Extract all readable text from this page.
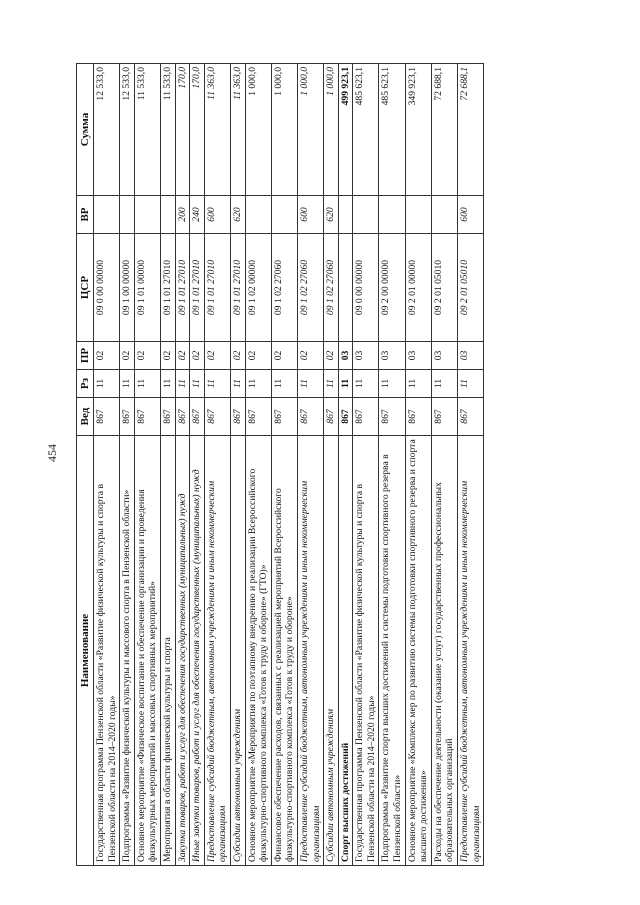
454
Наименование	Вед	Рз	ПР	ЦСР	ВР	Сумма
Государственная программа Пензенской области «Развитие физической культуры и спорта в Пензенской области на 2014–2020 годы»	867	11	02	09 0 00 00000		12 533,0
Подпрограмма «Развитие физической культуры и массового спорта в Пензенской области»	867	11	02	09 1 00 00000		12 533,0
Основное мероприятие «Физическое воспитание и обеспечение организации и проведения физкультурных мероприятий и массовых спортивных мероприятий»	867	11	02	09 1 01 00000		11 533,0
Мероприятия в области физической культуры и спорта	867	11	02	09 1 01 27010		11 533,0
Закупка товаров, работ и услуг для обеспечения государственных (муниципальных) нужд	867	11	02	09 1 01 27010	200	170,0
Иные закупки товаров, работ и услуг для обеспечения государственных (муниципальных) нужд	867	11	02	09 1 01 27010	240	170,0
Предоставление субсидий бюджетным, автономным учреждениям и иным некоммерческим организациям	867	11	02	09 1 01 27010	600	11 363,0
Субсидии автономным учреждениям	867	11	02	09 1 01 27010	620	11 363,0
Основное мероприятие «Мероприятия по поэтапному внедрению и реализации Всероссийского физкультурно-спортивного комплекса «Готов к труду и обороне» (ГТО)»	867	11	02	09 1 02 00000		1 000,0
Финансовое обеспечение расходов, связанных с реализацией мероприятий Всероссийского физкультурно-спортивного комплекса «Готов к труду и обороне»	867	11	02	09 1 02 27060		1 000,0
Предоставление субсидий бюджетным, автономным учреждениям и иным некоммерческим организациям	867	11	02	09 1 02 27060	600	1 000,0
Субсидии автономным учреждениям	867	11	02	09 1 02 27060	620	1 000,0
Спорт высших достижений	867	11	03			499 923,1
Государственная программа Пензенской области «Развитие физической культуры и спорта в Пензенской области на 2014–2020 годы»	867	11	03	09 0 00 00000		485 623,1
Подпрограмма «Развитие спорта высших достижений и системы подготовки спортивного резерва в Пензенской области»	867	11	03	09 2 00 00000		485 623,1
Основное мероприятие «Комплекс мер по развитию системы подготовки спортивного резерва и спорта высшего достижения»	867	11	03	09 2 01 00000		349 923,1
Расходы на обеспечение деятельности (оказание услуг) государственных профессиональных образовательных организаций	867	11	03	09 2 01 05010		72 688,1
Предоставление субсидий бюджетным, автономным учреждениям и иным некоммерческим организациям	867	11	03	09 2 01 05010	600	72 688,1
